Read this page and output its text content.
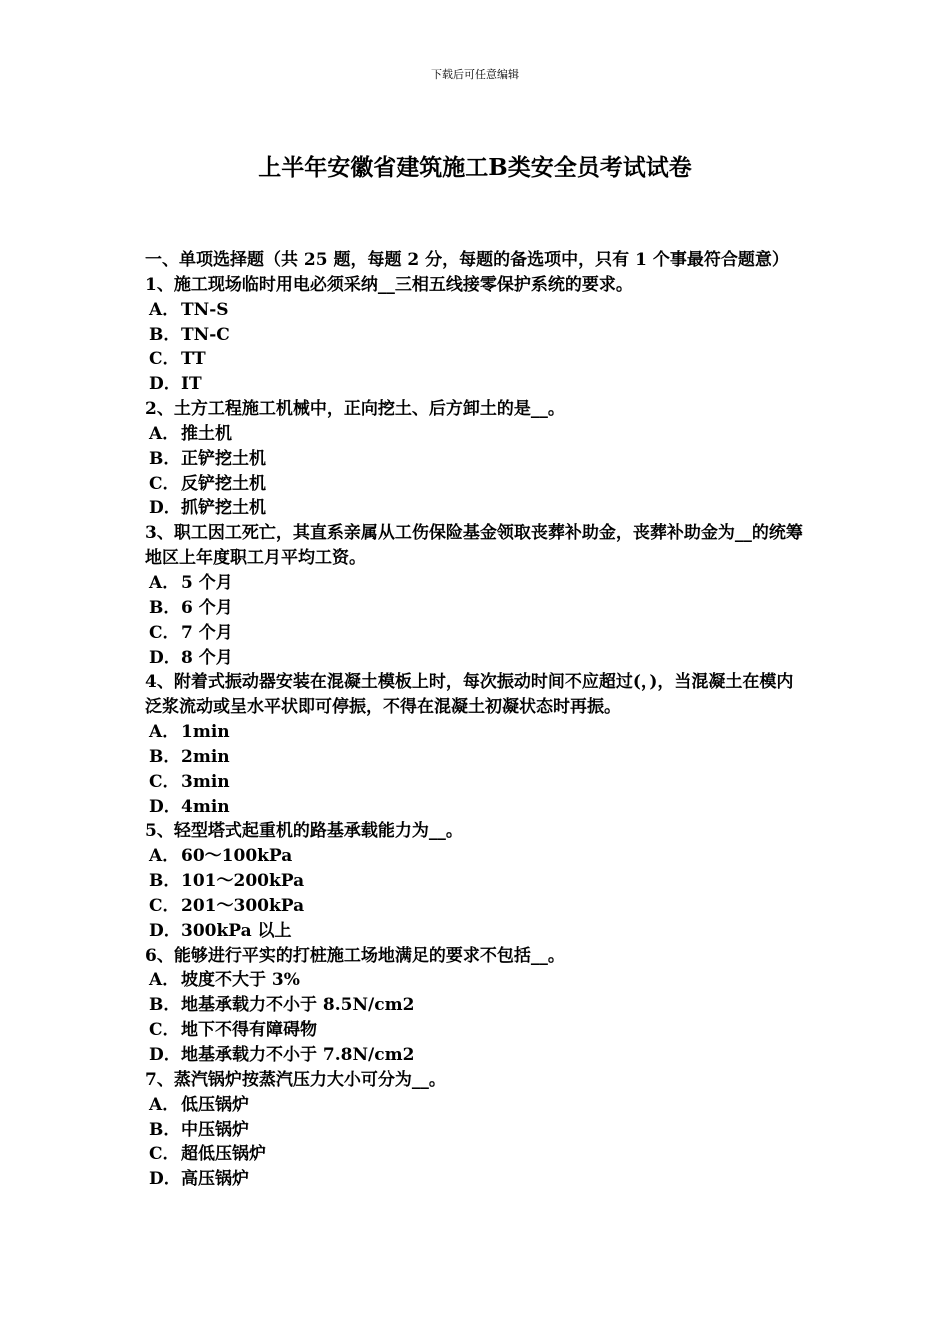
下载后可任意编辑
上半年安徽省建筑施工B类安全员考试试卷

一、单项选择题（共 25 题，每题 2 分，每题的备选项中，只有 1 个事最符合题意）

1、施工现场临时用电必须采纳__三相五线接零保护系统的要求。

A． TN-S

B．TN-C

C．TT

D．IT

2、土方工程施工机械中，正向挖土、后方卸土的是__。

A． 推土机

B．正铲挖土机

C．反铲挖土机

D．抓铲挖土机

3、职工因工死亡，其直系亲属从工伤保险基金领取丧葬补助金，丧葬补助金为__的统筹地区上年度职工月平均工资。

A． 5 个月

B．6 个月

C．7 个月

D．8 个月

4、附着式振动器安装在混凝土模板上时，每次振动时间不应超过(，)，当混凝土在模内泛浆流动或呈水平状即可停振，不得在混凝土初凝状态时再振。

A． 1min

B．2min

C．3min

D．4min

5、轻型塔式起重机的路基承载能力为__。

A． 60～100kPa

B．101～200kPa

C．201～300kPa

D．300kPa 以上

6、能够进行平实的打桩施工场地满足的要求不包括__。

A． 坡度不大于 3%

B．地基承载力不小于 8.5N/cm2

C．地下不得有障碍物

D．地基承载力不小于 7.8N/cm2

7、蒸汽锅炉按蒸汽压力大小可分为__。

A． 低压锅炉

B．中压锅炉

C．超低压锅炉

D．高压锅炉
